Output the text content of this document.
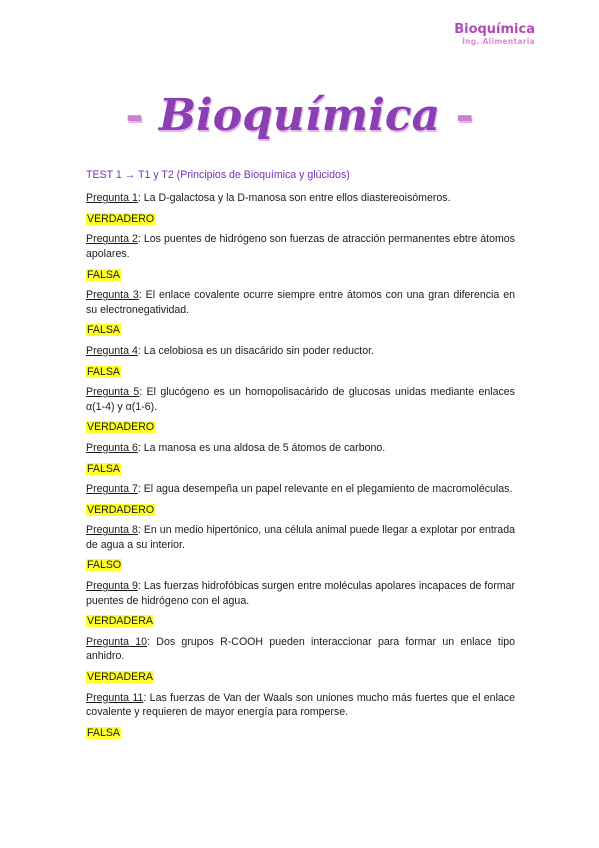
Bioquímica
Ing. Alimentaria
- Bioquímica -
TEST 1 → T1 y T2 (Principios de Bioquímica y glúcidos)
Pregunta 1: La D-galactosa y la D-manosa son entre ellos diastereoisómeros.
VERDADERO
Pregunta 2: Los puentes de hidrógeno son fuerzas de atracción permanentes ebtre átomos apolares.
FALSA
Pregunta 3: El enlace covalente ocurre siempre entre átomos con una gran diferencia en su electronegatividad.
FALSA
Pregunta 4: La celobiosa es un disacárido sin poder reductor.
FALSA
Pregunta 5: El glucógeno es un homopolisacárido de glucosas unidas mediante enlaces α(1-4) y α(1-6).
VERDADERO
Pregunta 6: La manosa es una aldosa de 5 átomos de carbono.
FALSA
Pregunta 7: El agua desempeña un papel relevante en el plegamiento de macromoléculas.
VERDADERO
Pregunta 8: En un medio hipertónico, una célula animal puede llegar a explotar por entrada de agua a su interior.
FALSO
Pregunta 9: Las fuerzas hidrofóbicas surgen entre moléculas apolares incapaces de formar puentes de hidrógeno con el agua.
VERDADERA
Pregunta 10: Dos grupos R-COOH pueden interaccionar para formar un enlace tipo anhidro.
VERDADERA
Pregunta 11: Las fuerzas de Van der Waals son uniones mucho más fuertes que el enlace covalente y requieren de mayor energía para romperse.
FALSA
